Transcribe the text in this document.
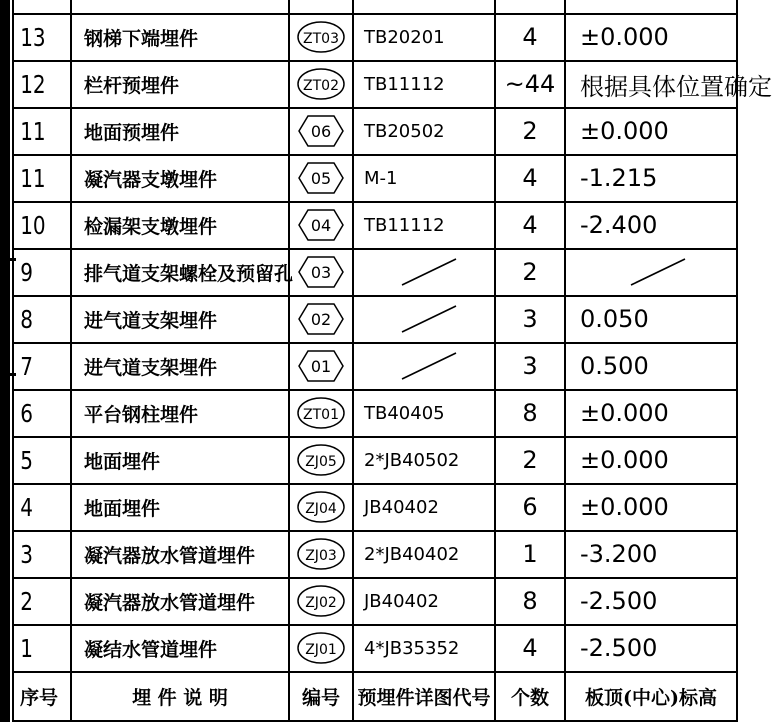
13	钢梯下端埋件	ZT03	TB20201	4	±0.000
12	栏杆预埋件	ZT02	TB11112	~44	根据具体位置确定
11	地面预埋件	06	TB20502	2	±0.000
11	凝汽器支墩埋件	05	M-1	4	-1.215
10	检漏架支墩埋件	04	TB11112	4	-2.400
9	排气道支架螺栓及预留孔	03		2	

8	进气道支架埋件	02		3	0.050
7	进气道支架埋件	01		3	0.500
6	平台钢柱埋件	ZT01	TB40405	8	±0.000
5	地面埋件	ZJ05	2*JB40502	2	±0.000
4	地面埋件	ZJ04	JB40402	6	±0.000
3	凝汽器放水管道埋件	ZJ03	2*JB40402	1	-3.200
2	凝汽器放水管道埋件	ZJ02	JB40402	8	-2.500
1	凝结水管道埋件	ZJ01	4*JB35352	4	-2.500
序号	埋 件 说 明	编号	预埋件详图代号	个数	板顶(中心)标高
